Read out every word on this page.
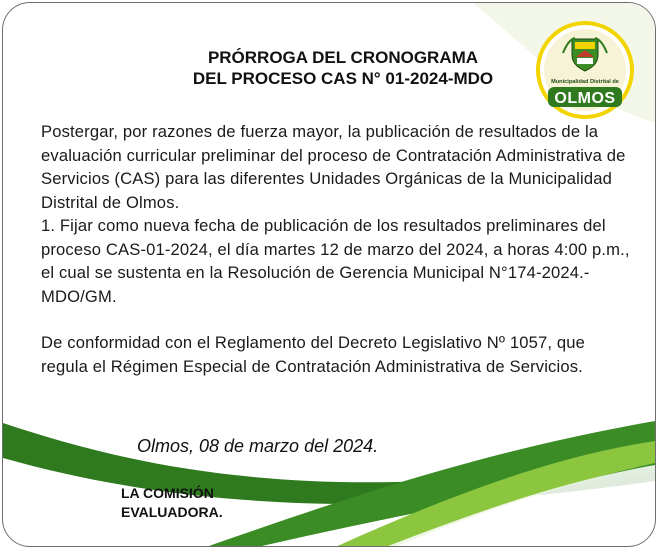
PRÓRROGA DEL CRONOGRAMA
DEL PROCESO CAS N° 01-2024-MDO

Postergar, por razones de fuerza mayor, la publicación de resultados de la evaluación curricular preliminar del proceso de Contratación Administrativa de Servicios (CAS) para las diferentes Unidades Orgánicas de la Municipalidad Distrital de Olmos.

1. Fijar como nueva fecha de publicación de los resultados preliminares del proceso CAS-01-2024, el día martes 12 de marzo del 2024, a horas 4:00 p.m., el cual se sustenta en la Resolución de Gerencia Municipal N°174-2024.-MDO/GM.

De conformidad con el Reglamento del Decreto Legislativo Nº 1057, que regula el Régimen Especial de Contratación Administrativa de Servicios.

Olmos, 08 de marzo del 2024.
LA COMISIÓN
EVALUADORA.
Municipalidad Distrital de
OLMOS
